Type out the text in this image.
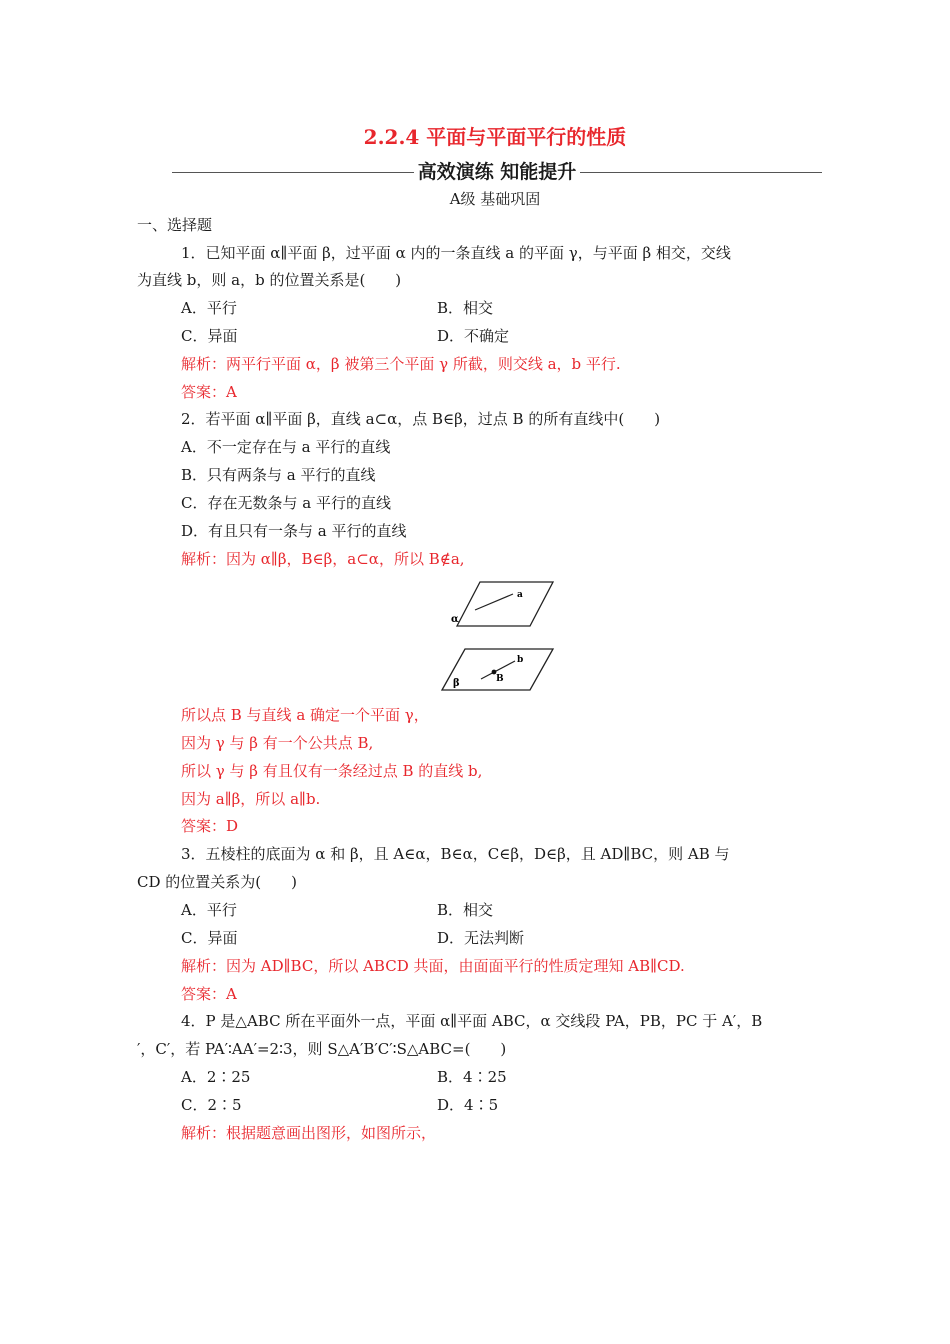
2.2.4 平面与平面平行的性质
高效演练 知能提升
A级 基础巩固
一、选择题
1．已知平面 α∥平面 β，过平面 α 内的一条直线 a 的平面 γ，与平面 β 相交，交线
为直线 b，则 a，b 的位置关系是(　　)
A．平行	B．相交
C．异面	D．不确定
解析：两平行平面 α，β 被第三个平面 γ 所截，则交线 a，b 平行.
答案：A
2．若平面 α∥平面 β，直线 a⊂α，点 B∈β，过点 B 的所有直线中(　　)
A．不一定存在与 a 平行的直线
B．只有两条与 a 平行的直线
C．存在无数条与 a 平行的直线
D．有且只有一条与 a 平行的直线
解析：因为 α∥β，B∈β，a⊂α，所以 B∉a,
α
a
β
b
B
所以点 B 与直线 a 确定一个平面 γ，
因为 γ 与 β 有一个公共点 B,
所以 γ 与 β 有且仅有一条经过点 B 的直线 b,
因为 a∥β，所以 a∥b.
答案：D
3．五棱柱的底面为 α 和 β，且 A∈α，B∈α，C∈β，D∈β，且 AD∥BC，则 AB 与
CD 的位置关系为(　　)
A．平行	B．相交
C．异面	D．无法判断
解析：因为 AD∥BC，所以 ABCD 共面，由面面平行的性质定理知 AB∥CD.
答案：A
4．P 是△ABC 所在平面外一点，平面 α∥平面 ABC，α 交线段 PA，PB，PC 于 A′，B
′，C′，若 PA′∶AA′=2∶3，则 S△A′B′C′∶S△ABC=(　　)
A．2∶25	B．4∶25
C．2∶5	D．4∶5
解析：根据题意画出图形，如图所示，
